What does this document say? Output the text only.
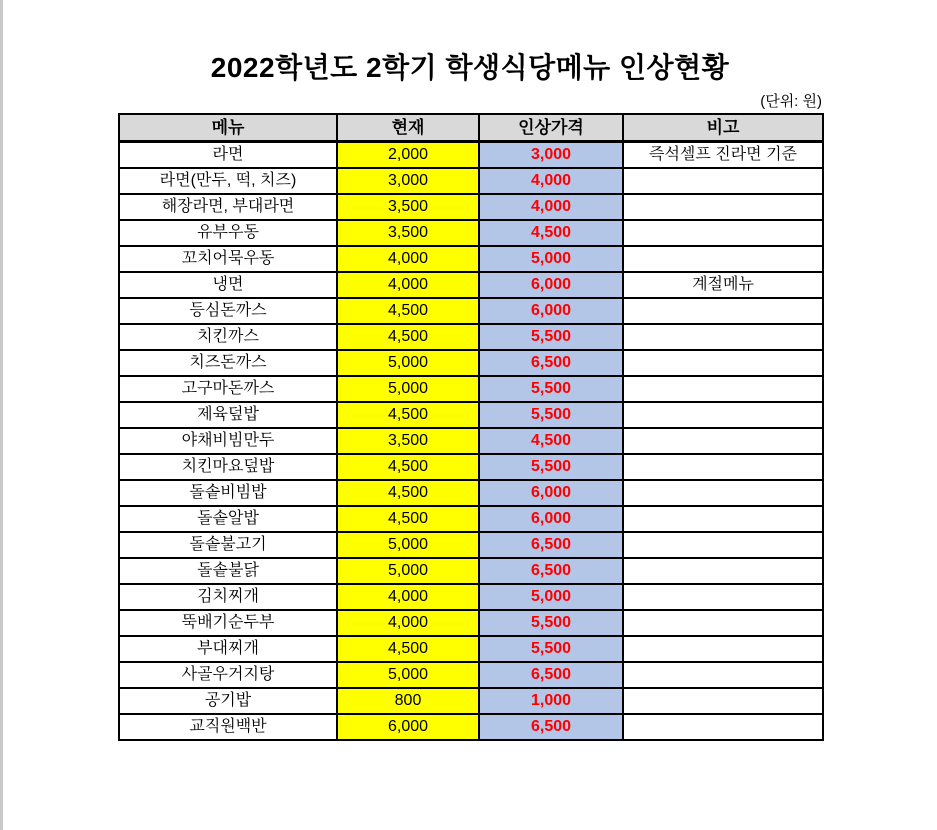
2022학년도 2학기 학생식당메뉴 인상현황
(단위: 원)
메뉴	현재	인상가격	비고
라면	2,000	3,000	즉석셀프 진라면 기준
라면(만두, 떡, 치즈)	3,000	4,000	
해장라면, 부대라면	3,500	4,000	
유부우동	3,500	4,500	
꼬치어묵우동	4,000	5,000	
냉면	4,000	6,000	계절메뉴
등심돈까스	4,500	6,000	
치킨까스	4,500	5,500	
치즈돈까스	5,000	6,500	
고구마돈까스	5,000	5,500	
제육덮밥	4,500	5,500	
야채비빔만두	3,500	4,500	
치킨마요덮밥	4,500	5,500	
돌솥비빔밥	4,500	6,000	
돌솥알밥	4,500	6,000	
돌솥불고기	5,000	6,500	
돌솥불닭	5,000	6,500	
김치찌개	4,000	5,000	
뚝배기순두부	4,000	5,500	
부대찌개	4,500	5,500	
사골우거지탕	5,000	6,500	
공기밥	800	1,000	
교직원백반	6,000	6,500	
